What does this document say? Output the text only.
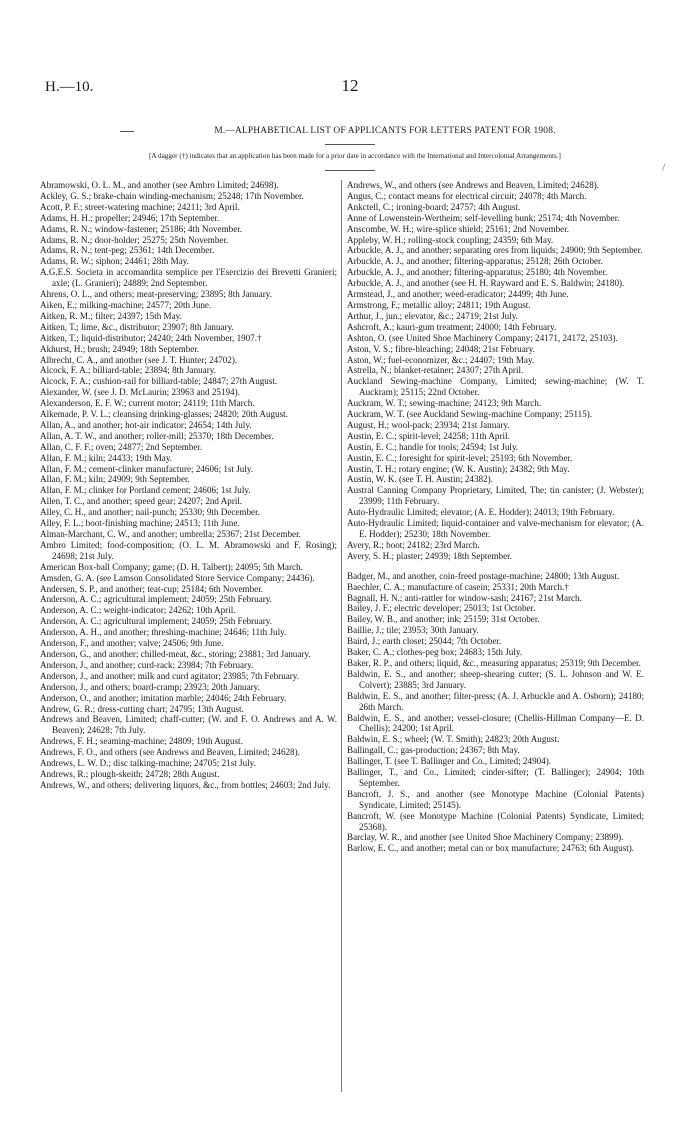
H.—10.	12
M.—ALPHABETICAL LIST OF APPLICANTS FOR LETTERS PATENT FOR 1908.
[A dagger (†) indicates that an application has been made for a prior date in accordance with the International and Intercolonial Arrangements.]
/

Abramowski, O. L. M., and another (see Ambro Limited; 24698).

Ackley, G. S.; brake-chain winding-mechanism; 25248; 17th November.

Acott, P. F.; street-watering machine; 24211; 3rd April.

Adams, H. H.; propeller; 24946; 17th September.

Adams, R. N.; window-fastener; 25186; 4th November.

Adams, R. N.; door-holder; 25275; 25th November.

Adams, R. N.; tent-peg; 25361; 14th December.

Adams, R. W.; siphon; 24461; 28th May.

A.G.E.S. Societa in accomandita semplice per l'Esercizio dei Brevetti Granieri; axle; (L. Granieri); 24889; 2nd September.

Ahrens, O. L., and others; meat-preserving; 23895; 8th January.

Aiken, E.; milking-machine; 24577; 20th June.

Aitken, R. M.; filter; 24397; 15th May.

Aitken, T.; lime, &c., distributor; 23907; 8th January.

Aitken, T.; liquid-distributor; 24240; 24th November, 1907.†

Akhurst, H.; brush; 24949; 18th September.

Albrecht, C. A., and another (see J. T. Hunter; 24702).

Alcock, F. A.; billiard-table; 23894; 8th January.

Alcock, F. A.; cushion-rail for billiard-table; 24847; 27th August.

Alexander, W. (see J. D. McLaurin; 23963 and 25194).

Alexanderson, E. F. W.; current motor; 24119; 11th March.

Alkemade, P. V. L.; cleansing drinking-glasses; 24820; 20th August.

Allan, A., and another; hot-air indicator; 24654; 14th July.

Allan, A. T. W., and another; roller-mill; 25370; 18th December.

Allan, C. F. F.; oven; 24877; 2nd September.

Allan, F. M.; kiln; 24433; 19th May.

Allan, F. M.; cement-clinker manufacture; 24606; 1st July.

Allan, F. M.; kiln; 24909; 9th September.

Allan, F. M.; clinker for Portland cement; 24606; 1st July.

Allen, T. C., and another; speed gear; 24207; 2nd April.

Alley, C. H., and another; nail-punch; 25330; 9th December.

Alley, F. L.; boot-finishing machine; 24513; 11th June.

Alman-Marchant, C. W., and another; umbrella; 25367; 21st December.

Ambro Limited; food-composition; (O. L. M. Abramowski and F. Rosing); 24698; 21st July.

American Box-ball Company; game; (D. H. Talbert); 24095; 5th March.

Amsden, G. A. (see Lamson Consolidated Store Service Company; 24436).

Andersen, S. P., and another; teat-cup; 25184; 6th November.

Anderson, A. C.; agricultural implement; 24059; 25th February.

Anderson, A. C.; weight-indicator; 24262; 10th April.

Anderson, A. C.; agricultural implement; 24059; 25th February.

Anderson, A. H., and another; threshing-machine; 24646; 11th July.

Anderson, F., and another; valve; 24506; 9th June.

Anderson, G., and another; chilled-meat, &c., storing; 23881; 3rd January.

Anderson, J., and another; curd-rack; 23984; 7th February.

Anderson, J., and another; milk and curd agitator; 23985; 7th February.

Anderson, J., and others; board-cramp; 23923; 20th January.

Anderson, O., and another; imitation marble; 24046; 24th February.

Andrew, G. R.; dress-cutting chart; 24795; 13th August.

Andrews and Beaven, Limited; chaff-cutter; (W. and F. O. Andrews and A. W. Beaven); 24628; 7th July.

Andrews, F. H.; seaming-machine; 24809; 19th August.

Andrews, F. O., and others (see Andrews and Beaven, Limited; 24628).

Andrews, L. W. D.; disc talking-machine; 24705; 21st July.

Andrews, R.; plough-skeith; 24728; 28th August.

Andrews, W., and others; delivering liquors, &c., from bottles; 24603; 2nd July.

Andrews, W., and others (see Andrews and Beaven, Limited; 24628).

Angus, C.; contact means for electrical circuit; 24078; 4th March.

Ankctell, C.; ironing-board; 24757; 4th August.

Anne of Lowenstein-Wertheim; self-levelling bunk; 25174; 4th November.

Anscombe, W. H.; wire-splice shield; 25161; 2nd November.

Appleby, W. H.; rolling-stock coupling; 24359; 6th May.

Arbuckle, A. J., and another; separating ores from liquids; 24900; 9th September.

Arbuckle, A. J., and another; filtering-apparatus; 25128; 26th October.

Arbuckle, A. J., and another; filtering-apparatus; 25180; 4th November.

Arbuckle, A. J., and another (see H. H. Rayward and E. S. Baldwin; 24180).

Armstead, J., and another; weed-eradicator; 24499; 4th June.

Armstrong, F.; metallic alloy; 24811; 19th August.

Arthur, J., jun.; elevator, &c.; 24719; 21st July.

Ashcroft, A.; kauri-gum treatment; 24000; 14th February.

Ashton, O. (see United Shoe Machinery Company; 24171, 24172, 25103).

Aston, V. S.; fibre-bleaching; 24048; 21st February.

Aston, W.; fuel-economizer, &c.; 24407; 19th May.

Astrella, N.; blanket-retainer; 24307; 27th April.

Auckland Sewing-machine Company, Limited; sewing-machine; (W. T. Auckram); 25115; 22nd October.

Auckram, W. T.; sewing-machine; 24123; 9th March.

Auckram, W. T. (see Auckland Sewing-machine Company; 25115).

August, H.; wool-pack; 23934; 21st January.

Austin, E. C.; spirit-level; 24258; 11th April.

Austin, E. C.; handle for tools; 24594; 1st July.

Austin, E. C.; foresight for spirit-level; 25193; 6th November.

Austin, T. H.; rotary engine; (W. K. Austin); 24382; 9th May.

Austin, W. K. (see T. H. Austin; 24382).

Austral Canning Company Proprietary, Limited, The; tin canister; (J. Webster); 23999; 11th February.

Auto-Hydraulic Limited; elevator; (A. E. Hodder); 24013; 19th February.

Auto-Hydraulic Limited; liquid-container and valve-mechanism for elevator; (A. E. Hodder); 25230; 18th November.

Avery, R.; boot; 24182; 23rd March.

Avery, S. H.; plaster; 24939; 18th September.

Badger, M., and another, coin-freed postage-machine; 24800; 13th August.

Baechler, C. A.; manufacture of casein; 25331; 20th March.†

Bagnall, H. N.; anti-rattler for window-sash; 24167; 21st March.

Bailey, J. F.; electric developer; 25013; 1st October.

Bailey, W. B., and another; ink; 25159; 31st October.

Baillie, J.; tile; 23953; 30th January.

Baird, J.; earth closet; 25044; 7th October.

Baker, C. A.; clothes-peg box; 24683; 15th July.

Baker, R. P., and others; liquid, &c., measuring apparatus; 25319; 9th December.

Baldwin, E. S., and another; sheep-shearing cutter; (S. L. Johnson and W. E. Colvert); 23885; 3rd January.

Baldwin, E. S., and another; filter-press; (A. J. Arbuckle and A. Osborn); 24180; 26th March.

Baldwin, E. S., and another; vessel-closure; (Chellis-Hillman Company—E. D. Chellis); 24200; 1st April.

Baldwin, E. S.; wheel; (W. T. Smith); 24823; 20th August.

Ballingall, C.; gas-production; 24367; 8th May.

Ballinger, T. (see T. Ballinger and Co., Limited; 24904).

Ballinger, T., and Co., Limited; cinder-sifter; (T. Ballinger); 24904; 10th September.

Bancroft, J. S., and another (see Monotype Machine (Colonial Patents) Syndicate, Limited; 25145).

Bancroft, W. (see Monotype Machine (Colonial Patents) Syndicate, Limited; 25368).

Barclay, W. R., and another (see United Shoe Machinery Company; 23899).

Barlow, E. C., and another; metal can or box manufacture; 24763; 6th August).
